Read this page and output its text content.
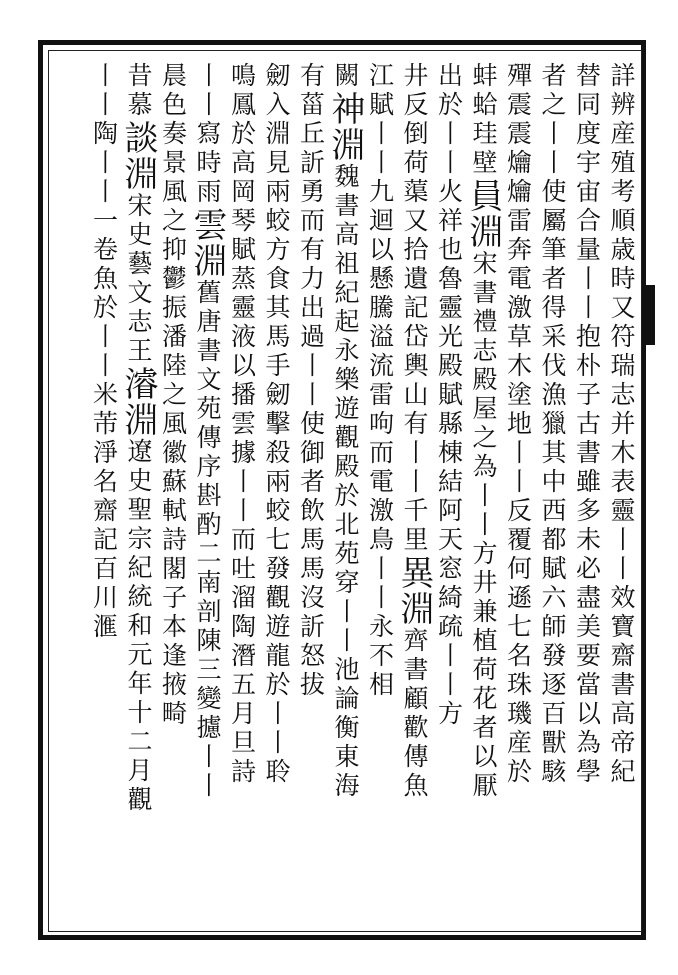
詳辨産殖考順歳時又符瑞志并木表靈丨丨效寶齋書高帝紀
替同度宇宙合量丨丨抱朴子古書雖多未必盡美要當以為學
者之丨丨使屬筆者得采伐漁獵其中西都賦六師發逐百獸駭
殫震震爚爚雷奔電激草木塗地丨丨反覆何遜七名珠璣産於
蚌蛤珪壁員淵宋書禮志殿屋之為丨丨方井兼植荷花者以厭
出於丨丨火祥也魯靈光殿賦縣棟結阿天窓綺疏丨丨方
井反倒荷蕖又拾遺記岱輿山有丨丨千里異淵齊書顧歡傳魚
江賦丨丨九迴以懸騰溢流雷呴而電激鳥丨丨永不相
闕神淵魏書高祖紀起永樂遊觀殿於北苑穿丨丨池論衡東海
有菑丘訢勇而有力出過丨丨使御者飲馬馬沒訢怒拔
劒入淵見兩蛟方食其馬手劒擊殺兩蛟七發觀遊龍於丨丨聆
鳴鳳於高岡琴賦蒸靈液以播雲據丨丨而吐溜陶潛五月旦詩
丨丨寫時雨雲淵舊唐書文苑傳序斟酌二南剖陳三變攄丨丨
晨色奏景風之抑鬱振潘陸之風徽蘇軾詩閣子本逢掖畸
昔慕談淵宋史藝文志王濬淵遼史聖宗紀統和元年十二月觀
丨丨陶丨丨一卷魚於丨丨米芾淨名齋記百川滙
